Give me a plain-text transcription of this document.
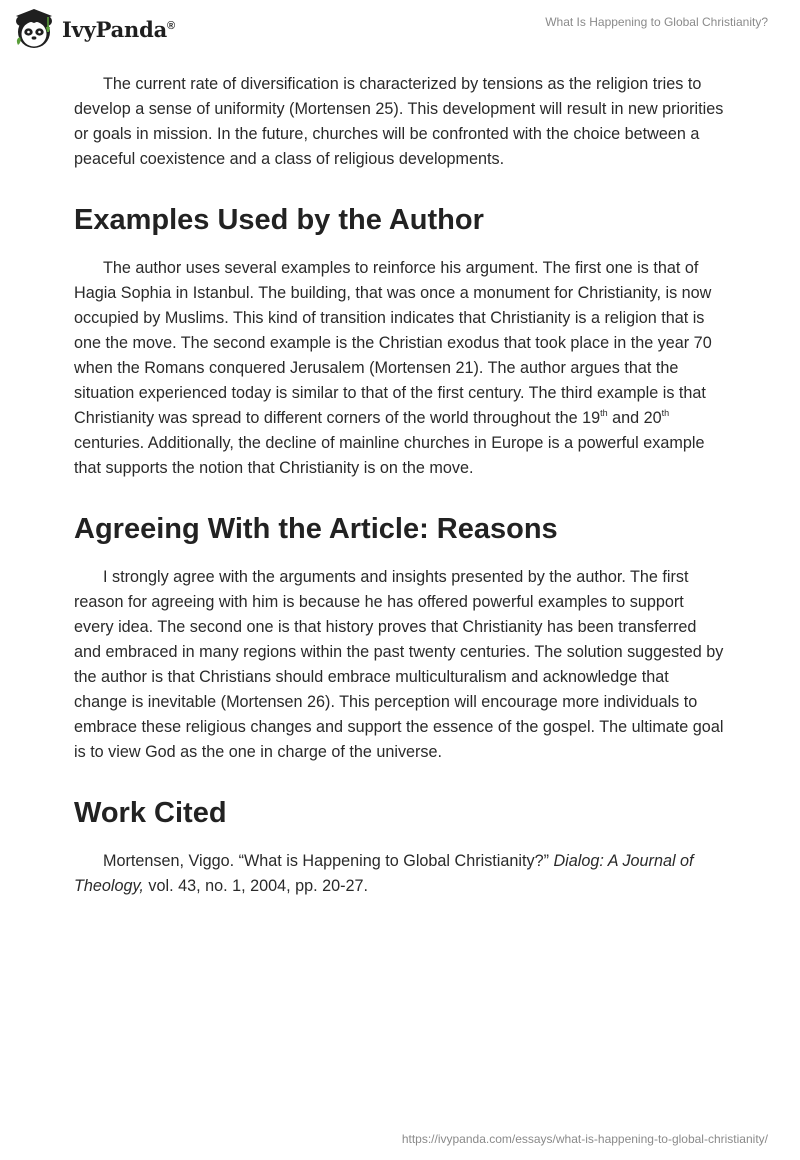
IvyPanda®	What Is Happening to Global Christianity?

The current rate of diversification is characterized by tensions as the religion tries to develop a sense of uniformity (Mortensen 25). This development will result in new priorities or goals in mission. In the future, churches will be confronted with the choice between a peaceful coexistence and a class of religious developments.

Examples Used by the Author

The author uses several examples to reinforce his argument. The first one is that of Hagia Sophia in Istanbul. The building, that was once a monument for Christianity, is now occupied by Muslims. This kind of transition indicates that Christianity is a religion that is one the move. The second example is the Christian exodus that took place in the year 70 when the Romans conquered Jerusalem (Mortensen 21). The author argues that the situation experienced today is similar to that of the first century. The third example is that Christianity was spread to different corners of the world throughout the 19th and 20th centuries. Additionally, the decline of mainline churches in Europe is a powerful example that supports the notion that Christianity is on the move.

Agreeing With the Article: Reasons

I strongly agree with the arguments and insights presented by the author. The first reason for agreeing with him is because he has offered powerful examples to support every idea. The second one is that history proves that Christianity has been transferred and embraced in many regions within the past twenty centuries. The solution suggested by the author is that Christians should embrace multiculturalism and acknowledge that change is inevitable (Mortensen 26). This perception will encourage more individuals to embrace these religious changes and support the essence of the gospel. The ultimate goal is to view God as the one in charge of the universe.

Work Cited

Mortensen, Viggo. “What is Happening to Global Christianity?” Dialog: A Journal of Theology, vol. 43, no. 1, 2004, pp. 20-27.

https://ivypanda.com/essays/what-is-happening-to-global-christianity/
